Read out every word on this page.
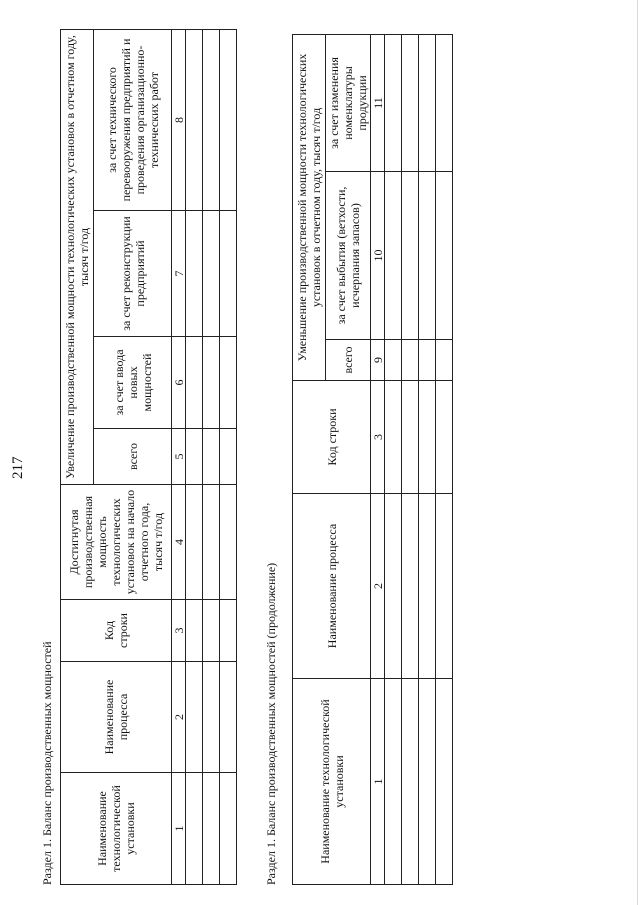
217
Раздел 1. Баланс производственных мощностей	Наименование технологической установки	Наименование процесса	Код строки	Достигнутая производственная мощность технологических установок на начало отчетного года, тысяч т/год	Увеличение производственной мощности технологических установок в отчетном году, тысяч т/год			
				всего	за счет ввода новых мощностей	за счет реконструкции предприятий	за счет технического перевооружения предприятий и проведения организационно-технических работ
1	2	3	4	5	6	7	8

Раздел 1. Баланс производственных мощностей (продолжение)	Наименование технологической установки	Наименование процесса	Код строки	Уменьшение производственной мощности технологических установок в отчетном году, тысяч т/год		
			всего	за счет выбытия (ветхости, исчерпания запасов)	за счет изменения номенклатуры продукции
1	2	3	9	10	11
